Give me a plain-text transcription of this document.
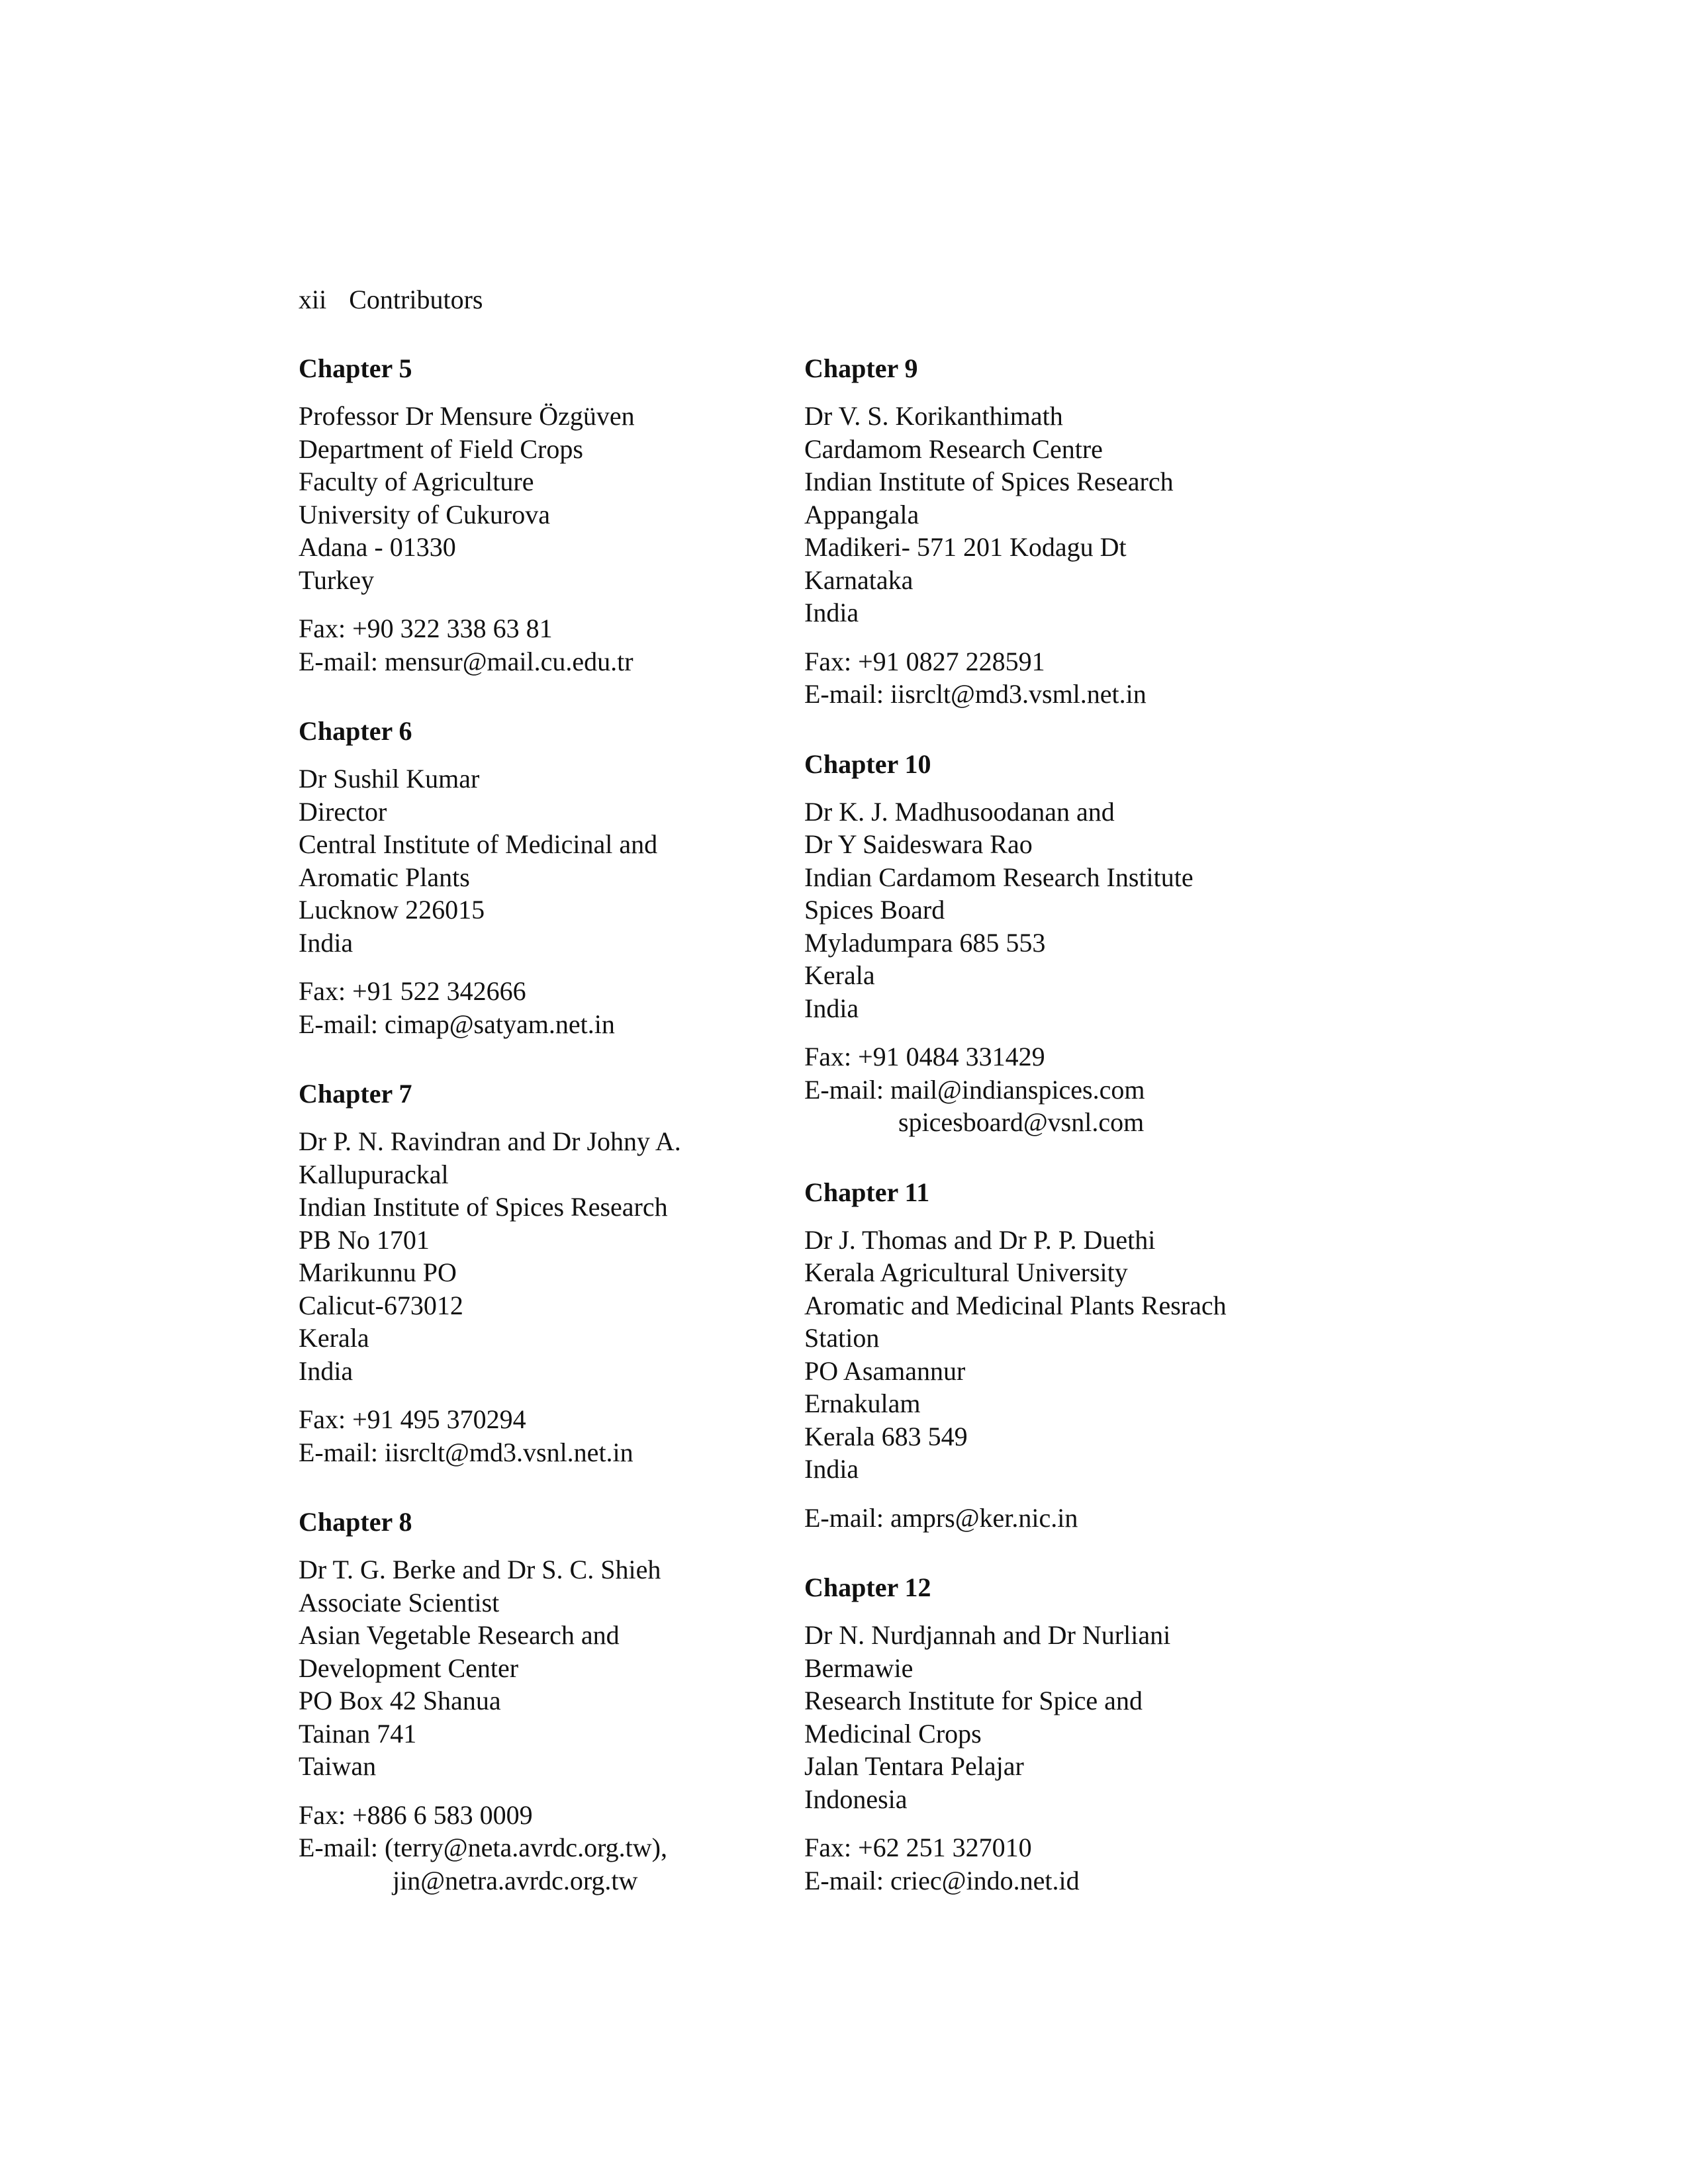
xii Contributors
Chapter 5
Professor Dr Mensure Özgüven
Department of Field Crops
Faculty of Agriculture
University of Cukurova
Adana - 01330
Turkey
Fax: +90 322 338 63 81
E-mail: mensur@mail.cu.edu.tr
Chapter 6
Dr Sushil Kumar
Director
Central Institute of Medicinal and
Aromatic Plants
Lucknow 226015
India
Fax: +91 522 342666
E-mail: cimap@satyam.net.in
Chapter 7
Dr P. N. Ravindran and Dr Johny A.
Kallupurackal
Indian Institute of Spices Research
PB No 1701
Marikunnu PO
Calicut-673012
Kerala
India
Fax: +91 495 370294
E-mail: iisrclt@md3.vsnl.net.in
Chapter 8
Dr T. G. Berke and Dr S. C. Shieh
Associate Scientist
Asian Vegetable Research and
Development Center
PO Box 42 Shanua
Tainan 741
Taiwan
Fax: +886 6 583 0009
E-mail: (terry@neta.avrdc.org.tw),
jin@netra.avrdc.org.tw
Chapter 9
Dr V. S. Korikanthimath
Cardamom Research Centre
Indian Institute of Spices Research
Appangala
Madikeri- 571 201 Kodagu Dt
Karnataka
India
Fax: +91 0827 228591
E-mail: iisrclt@md3.vsml.net.in
Chapter 10
Dr K. J. Madhusoodanan and
Dr Y Saideswara Rao
Indian Cardamom Research Institute
Spices Board
Myladumpara 685 553
Kerala
India
Fax: +91 0484 331429
E-mail: mail@indianspices.com
spicesboard@vsnl.com
Chapter 11
Dr J. Thomas and Dr P. P. Duethi
Kerala Agricultural University
Aromatic and Medicinal Plants Resrach
Station
PO Asamannur
Ernakulam
Kerala 683 549
India
E-mail: amprs@ker.nic.in
Chapter 12
Dr N. Nurdjannah and Dr Nurliani
Bermawie
Research Institute for Spice and
Medicinal Crops
Jalan Tentara Pelajar
Indonesia
Fax: +62 251 327010
E-mail: criec@indo.net.id
